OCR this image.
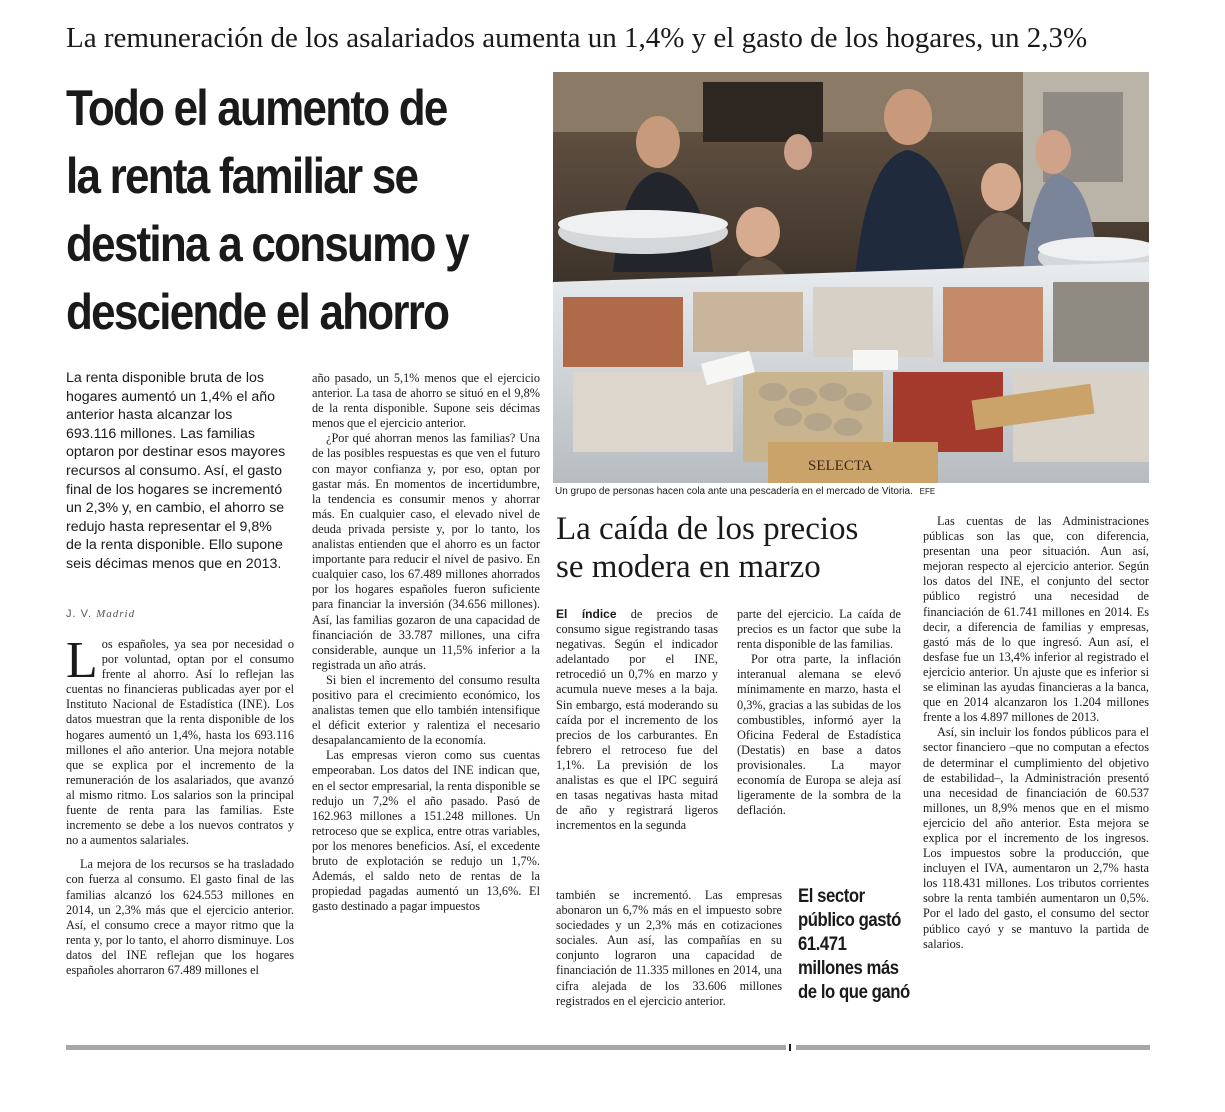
La remuneración de los asalariados aumenta un 1,4% y el gasto de los hogares, un 2,3%
Todo el aumento de
la renta familiar se
destina a consumo y
desciende el ahorro
La renta disponible bruta de los hogares aumentó un 1,4% el año anterior hasta alcanzar los 693.116 millones. Las familias optaron por destinar esos mayores recursos al consumo. Así, el gasto final de los hogares se incrementó un 2,3% y, en cambio, el ahorro se redujo hasta representar el 9,8% de la renta disponible. Ello supone seis décimas menos que en 2013.
J. V. Madrid

Los españoles, ya sea por necesidad o por voluntad, optan por el consumo frente al ahorro. Así lo reflejan las cuentas no financieras publicadas ayer por el Instituto Nacional de Estadística (INE). Los datos muestran que la renta disponible de los hogares aumentó un 1,4%, hasta los 693.116 millones el año anterior. Una mejora notable que se explica por el incremento de la remuneración de los asalariados, que avanzó al mismo ritmo. Los salarios son la principal fuente de renta para las familias. Este incremento se debe a los nuevos contratos y no a aumentos salariales.

La mejora de los recursos se ha trasladado con fuerza al consumo. El gasto final de las familias alcanzó los 624.553 millones en 2014, un 2,3% más que el ejercicio anterior. Así, el consumo crece a mayor ritmo que la renta y, por lo tanto, el ahorro disminuye. Los datos del INE reflejan que los hogares españoles ahorraron 67.489 millones el

año pasado, un 5,1% menos que el ejercicio anterior. La tasa de ahorro se situó en el 9,8% de la renta disponible. Supone seis décimas menos que el ejercicio anterior.

¿Por qué ahorran menos las familias? Una de las posibles respuestas es que ven el futuro con mayor confianza y, por eso, optan por gastar más. En momentos de incertidumbre, la tendencia es consumir menos y ahorrar más. En cualquier caso, el elevado nivel de deuda privada persiste y, por lo tanto, los analistas entienden que el ahorro es un factor importante para reducir el nivel de pasivo. En cualquier caso, los 67.489 millones ahorrados por los hogares españoles fueron suficiente para financiar la inversión (34.656 millones). Así, las familias gozaron de una capacidad de financiación de 33.787 millones, una cifra considerable, aunque un 11,5% inferior a la registrada un año atrás.

Si bien el incremento del consumo resulta positivo para el crecimiento económico, los analistas temen que ello también intensifique el déficit exterior y ralentiza el necesario desapalancamiento de la economía.

Las empresas vieron como sus cuentas empeoraban. Los datos del INE indican que, en el sector empresarial, la renta disponible se redujo un 7,2% el año pasado. Pasó de 162.963 millones a 151.248 millones. Un retroceso que se explica, entre otras variables, por los menores beneficios. Así, el excedente bruto de explotación se redujo un 1,7%. Además, el saldo neto de rentas de la propiedad pagadas aumentó un 13,6%. El gasto destinado a pagar impuestos

SELECTA
Un grupo de personas hacen cola ante una pescadería en el mercado de Vitoria. EFE
La caída de los precios
se modera en marzo

El índice de precios de consumo sigue registrando tasas negativas. Según el indicador adelantado por el INE, retrocedió un 0,7% en marzo y acumula nueve meses a la baja. Sin embargo, está moderando su caída por el incremento de los precios de los carburantes. En febrero el retroceso fue del 1,1%. La previsión de los analistas es que el IPC seguirá en tasas negativas hasta mitad de año y registrará ligeros incrementos en la segunda

parte del ejercicio. La caída de precios es un factor que sube la renta disponible de las familias.

Por otra parte, la inflación interanual alemana se elevó mínimamente en marzo, hasta el 0,3%, gracias a las subidas de los combustibles, informó ayer la Oficina Federal de Estadística (Destatis) en base a datos provisionales. La mayor economía de Europa se aleja así ligeramente de la sombra de la deflación.

también se incrementó. Las empresas abonaron un 6,7% más en el impuesto sobre sociedades y un 2,3% más en cotizaciones sociales. Aun así, las compañías en su conjunto lograron una capacidad de financiación de 11.335 millones en 2014, una cifra alejada de los 33.606 millones registrados en el ejercicio anterior.

El sector
público gastó
61.471
millones más
de lo que ganó

Las cuentas de las Administraciones públicas son las que, con diferencia, presentan una peor situación. Aun así, mejoran respecto al ejercicio anterior. Según los datos del INE, el conjunto del sector público registró una necesidad de financiación de 61.741 millones en 2014. Es decir, a diferencia de familias y empresas, gastó más de lo que ingresó. Aun así, el desfase fue un 13,4% inferior al registrado el ejercicio anterior. Un ajuste que es inferior si se eliminan las ayudas financieras a la banca, que en 2014 alcanzaron los 1.204 millones frente a los 4.897 millones de 2013.

Así, sin incluir los fondos públicos para el sector financiero –que no computan a efectos de determinar el cumplimiento del objetivo de estabilidad–, la Administración presentó una necesidad de financiación de 60.537 millones, un 8,9% menos que en el mismo ejercicio del año anterior. Esta mejora se explica por el incremento de los ingresos. Los impuestos sobre la producción, que incluyen el IVA, aumentaron un 2,7% hasta los 118.431 millones. Los tributos corrientes sobre la renta también aumentaron un 0,5%. Por el lado del gasto, el consumo del sector público cayó y se mantuvo la partida de salarios.
